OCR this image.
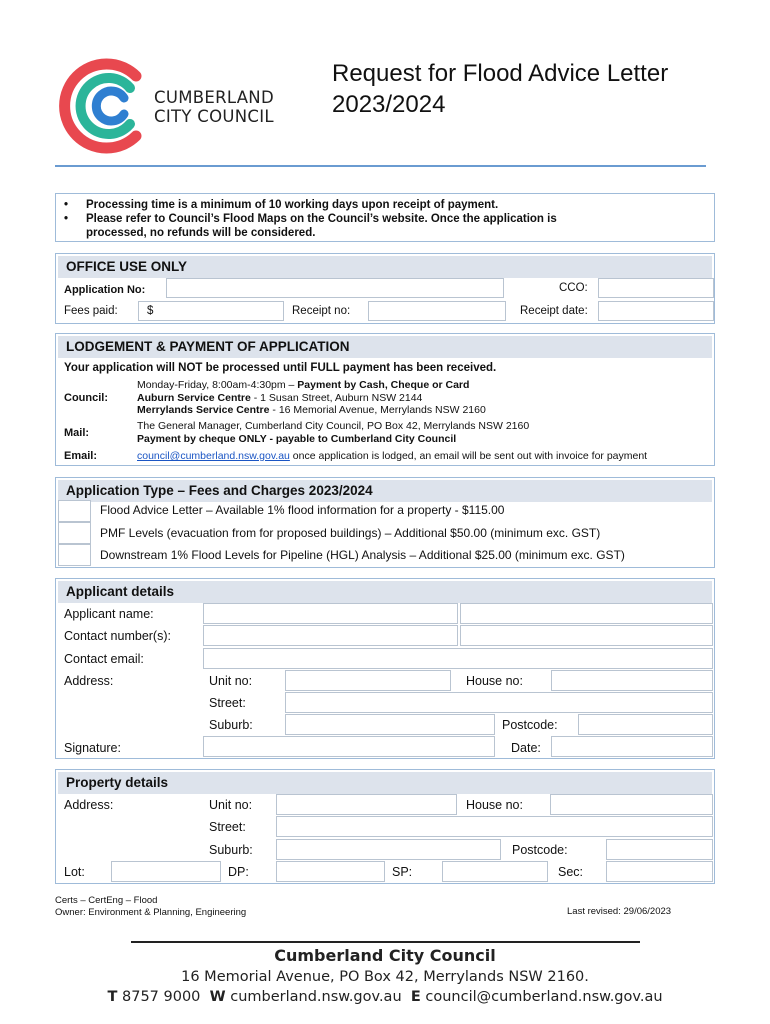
CUMBERLAND
CITY COUNCIL
Request for Flood Advice Letter
2023/2024
• Processing time is a minimum of 10 working days upon receipt of payment.
• Please refer to Council’s Flood Maps on the Council’s website. Once the application is
processed, no refunds will be considered.
OFFICE USE ONLY
Application No:	CCO:
Fees paid:	$	Receipt no:	Receipt date:
LODGEMENT & PAYMENT OF APPLICATION
Your application will NOT be processed until FULL payment has been received.
Council:
Monday-Friday, 8:00am-4:30pm – Payment by Cash, Cheque or Card
Auburn Service Centre - 1 Susan Street, Auburn NSW 2144
Merrylands Service Centre - 16 Memorial Avenue, Merrylands NSW 2160
Mail:
The General Manager, Cumberland City Council, PO Box 42, Merrylands NSW 2160
Payment by cheque ONLY - payable to Cumberland City Council
Email:	council@cumberland.nsw.gov.au once application is lodged, an email will be sent out with invoice for payment
Application Type – Fees and Charges 2023/2024
Flood Advice Letter – Available 1% flood information for a property - $115.00
PMF Levels (evacuation from for proposed buildings) – Additional $50.00 (minimum exc. GST)
Downstream 1% Flood Levels for Pipeline (HGL) Analysis – Additional $25.00 (minimum exc. GST)
Applicant details
Applicant name:
Contact number(s):
Contact email:
Address:	Unit no:	House no:
Street:
Suburb:	Postcode:
Signature:	Date:
Property details
Address:	Unit no:	House no:
Street:
Suburb:	Postcode:
Lot:	DP:	SP:	Sec:
Certs – CertEng – Flood
Owner: Environment & Planning, Engineering	Last revised: 29/06/2023
Cumberland City Council
16 Memorial Avenue, PO Box 42, Merrylands NSW 2160.
T 8757 9000 W cumberland.nsw.gov.au E council@cumberland.nsw.gov.au
